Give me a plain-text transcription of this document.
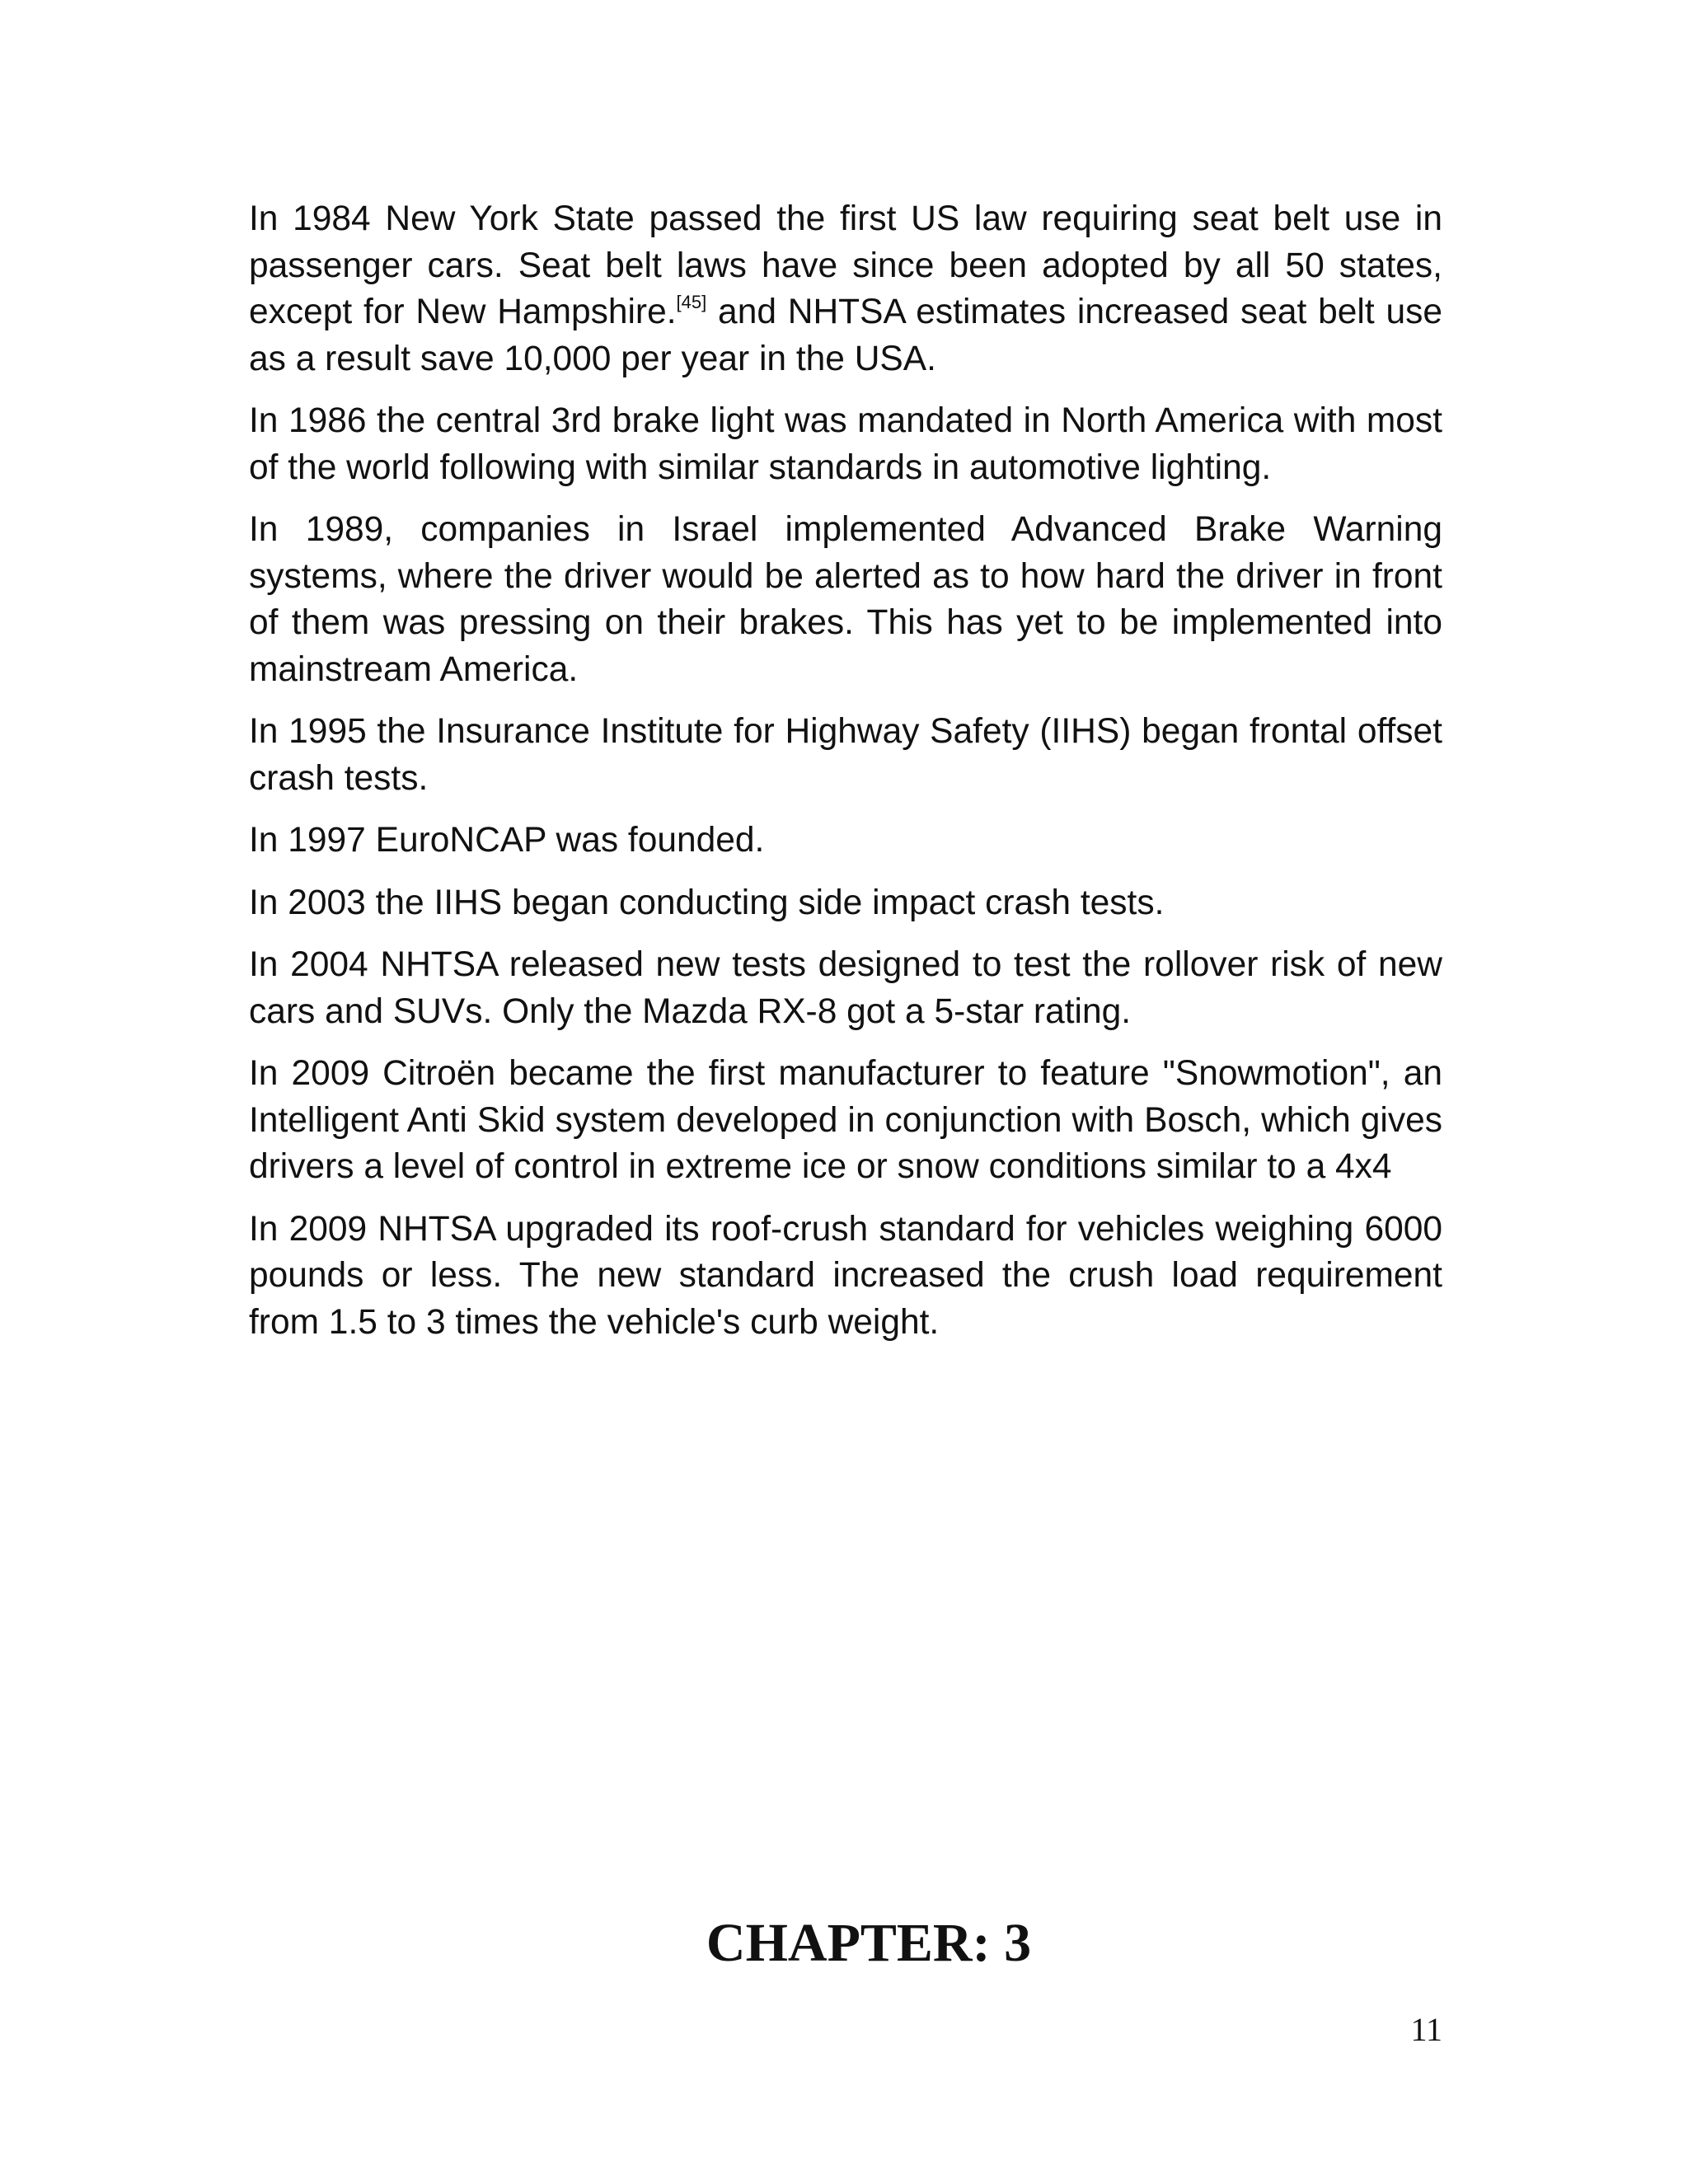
In 1984 New York State passed the first US law requiring seat belt use in passenger cars. Seat belt laws have since been adopted by all 50 states, except for New Hampshire.[45] and NHTSA estimates increased seat belt use as a result save 10,000 per year in the USA.

In 1986 the central 3rd brake light was mandated in North America with most of the world following with similar standards in automotive lighting.

In 1989, companies in Israel implemented Advanced Brake Warning systems, where the driver would be alerted as to how hard the driver in front of them was pressing on their brakes. This has yet to be implemented into mainstream America.

In 1995 the Insurance Institute for Highway Safety (IIHS) began frontal offset crash tests.

In 1997 EuroNCAP was founded.

In 2003 the IIHS began conducting side impact crash tests.

In 2004 NHTSA released new tests designed to test the rollover risk of new cars and SUVs. Only the Mazda RX-8 got a 5-star rating.

In 2009 Citroën became the first manufacturer to feature "Snowmotion", an Intelligent Anti Skid system developed in conjunction with Bosch, which gives drivers a level of control in extreme ice or snow conditions similar to a 4x4

In 2009 NHTSA upgraded its roof-crush standard for vehicles weighing 6000 pounds or less. The new standard increased the crush load requirement from 1.5 to 3 times the vehicle's curb weight.

CHAPTER: 3
11
